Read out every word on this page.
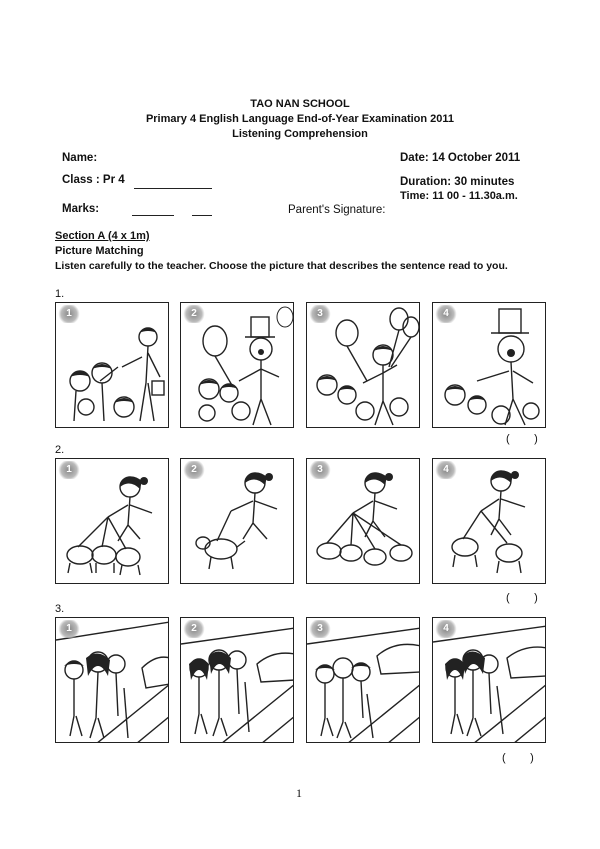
TAO NAN SCHOOL
Primary 4 English Language End-of-Year Examination 2011
Listening Comprehension
Name:	Date: 14 October 2011
Class : Pr 4	Duration: 30 minutes
Time: 11 00 - 11.30a.m.
Marks:	Parent's Signature:
Section A (4 x 1m)
Picture Matching
Listen carefully to the teacher. Choose the picture that describes the sentence read to you.
1.
1	2	3	4
(        )
2.
1	2	3	4
(        )
3.
1	2	3	4
(        )
1
